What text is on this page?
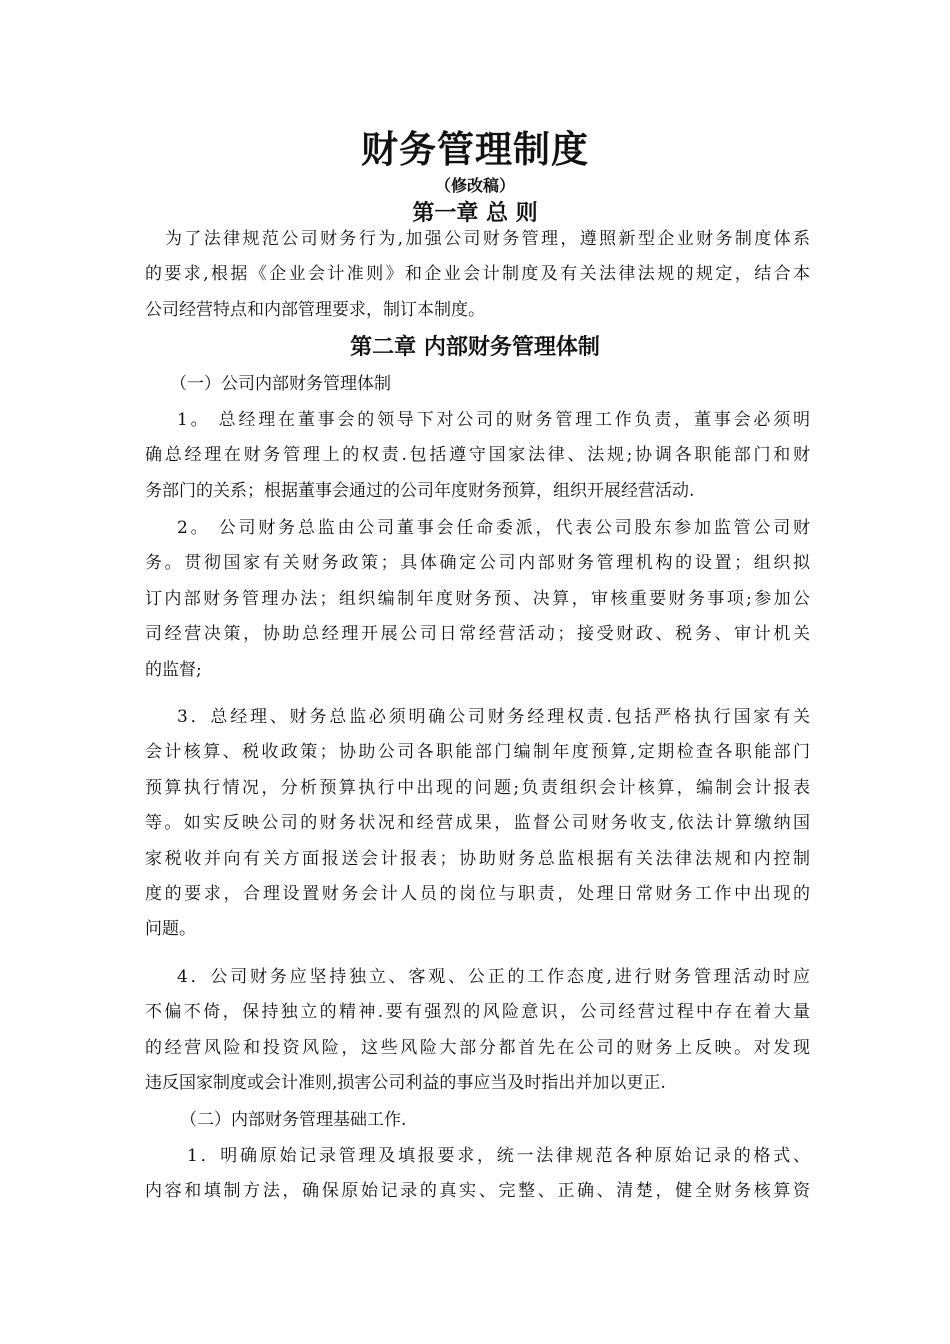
财务管理制度
（修改稿）
第一章 总 则
为了法律规范公司财务行为,加强公司财务管理，遵照新型企业财务制度体系
的要求,根据《企业会计准则》和企业会计制度及有关法律法规的规定，结合本
公司经营特点和内部管理要求，制订本制度。
第二章 内部财务管理体制
（一）公司内部财务管理体制
1。 总经理在董事会的领导下对公司的财务管理工作负责，董事会必须明
确总经理在财务管理上的权责.包括遵守国家法律、法规;协调各职能部门和财
务部门的关系；根据董事会通过的公司年度财务预算，组织开展经营活动.
2。 公司财务总监由公司董事会任命委派，代表公司股东参加监管公司财
务。贯彻国家有关财务政策；具体确定公司内部财务管理机构的设置；组织拟
订内部财务管理办法；组织编制年度财务预、决算，审核重要财务事项;参加公
司经营决策，协助总经理开展公司日常经营活动；接受财政、税务、审计机关
的监督;
3．总经理、财务总监必须明确公司财务经理权责.包括严格执行国家有关
会计核算、税收政策；协助公司各职能部门编制年度预算,定期检查各职能部门
预算执行情况，分析预算执行中出现的问题;负责组织会计核算，编制会计报表
等。如实反映公司的财务状况和经营成果，监督公司财务收支,依法计算缴纳国
家税收并向有关方面报送会计报表；协助财务总监根据有关法律法规和内控制
度的要求，合理设置财务会计人员的岗位与职责，处理日常财务工作中出现的
问题。
4．公司财务应坚持独立、客观、公正的工作态度,进行财务管理活动时应
不偏不倚，保持独立的精神.要有强烈的风险意识，公司经营过程中存在着大量
的经营风险和投资风险，这些风险大部分都首先在公司的财务上反映。对发现
违反国家制度或会计准则,损害公司利益的事应当及时指出并加以更正.
（二）内部财务管理基础工作.
1．明确原始记录管理及填报要求，统一法律规范各种原始记录的格式、
内容和填制方法，确保原始记录的真实、完整、正确、清楚，健全财务核算资
